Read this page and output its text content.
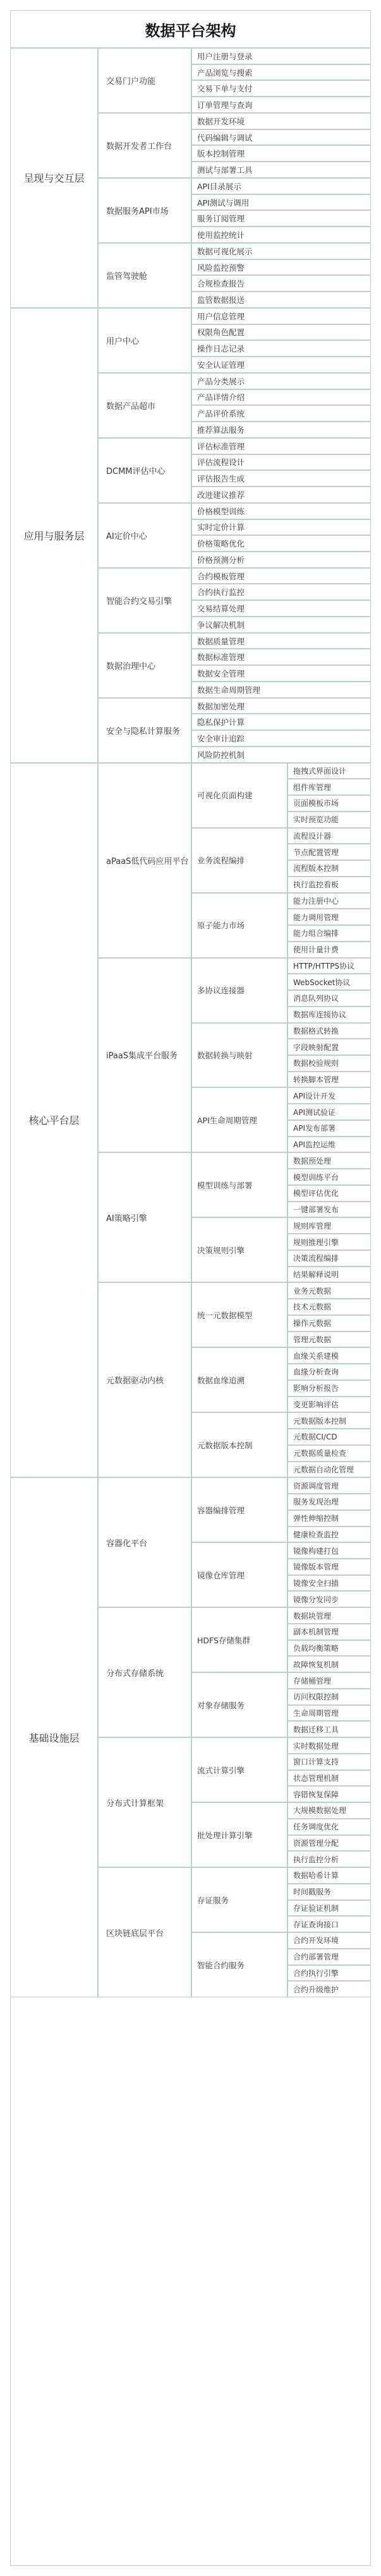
数据平台架构
用户注册与登录
产品浏览与搜索
交易下单与支付
订单管理与查询
交易门户功能
数据开发环境
代码编辑与调试
版本控制管理
测试与部署工具
数据开发者工作台
API目录展示
API测试与调用
服务订阅管理
使用监控统计
数据服务API市场
数据可视化展示
风险监控预警
合规检查报告
监管数据报送
监管驾驶舱
呈现与交互层
用户信息管理
权限角色配置
操作日志记录
安全认证管理
用户中心
产品分类展示
产品详情介绍
产品评价系统
推荐算法服务
数据产品超市
评估标准管理
评估流程设计
评估报告生成
改进建议推荐
DCMM评估中心
价格模型训练
实时定价计算
价格策略优化
价格预测分析
AI定价中心
合约模板管理
合约执行监控
交易结算处理
争议解决机制
智能合约交易引擎
数据质量管理
数据标准管理
数据安全管理
数据生命周期管理
数据治理中心
数据加密处理
隐私保护计算
安全审计追踪
风险防控机制
安全与隐私计算服务
应用与服务层
拖拽式界面设计
组件库管理
页面模板市场
实时预览功能
可视化页面构建
流程设计器
节点配置管理
流程版本控制
执行监控看板
业务流程编排
能力注册中心
能力调用管理
能力组合编排
使用计量计费
原子能力市场
aPaaS低代码应用平台
HTTP/HTTPS协议
WebSocket协议
消息队列协议
数据库连接协议
多协议连接器
数据格式转换
字段映射配置
数据校验规则
转换脚本管理
数据转换与映射
API设计开发
API测试验证
API发布部署
API监控运维
API生命周期管理
iPaaS集成平台服务
数据预处理
模型训练平台
模型评估优化
一键部署发布
模型训练与部署
规则库管理
规则推理引擎
决策流程编排
结果解释说明
决策规则引擎
AI策略引擎
业务元数据
技术元数据
操作元数据
管理元数据
统一元数据模型
血缘关系建模
血缘分析查询
影响分析报告
变更影响评估
数据血缘追溯
元数据版本控制
元数据CI/CD
元数据质量检查
元数据自动化管理
元数据版本控制
元数据驱动内核
核心平台层
资源调度管理
服务发现治理
弹性伸缩控制
健康检查监控
容器编排管理
镜像构建打包
镜像版本管理
镜像安全扫描
镜像分发同步
镜像仓库管理
容器化平台
数据块管理
副本机制管理
负载均衡策略
故障恢复机制
HDFS存储集群
存储桶管理
访问权限控制
生命周期管理
数据迁移工具
对象存储服务
分布式存储系统
实时数据处理
窗口计算支持
状态管理机制
容错恢复保障
流式计算引擎
大规模数据处理
任务调度优化
资源管理分配
执行监控分析
批处理计算引擎
分布式计算框架
数据哈希计算
时间戳服务
存证验证机制
存证查询接口
存证服务
合约开发环境
合约部署管理
合约执行引擎
合约升级维护
智能合约服务
区块链底层平台
基础设施层
